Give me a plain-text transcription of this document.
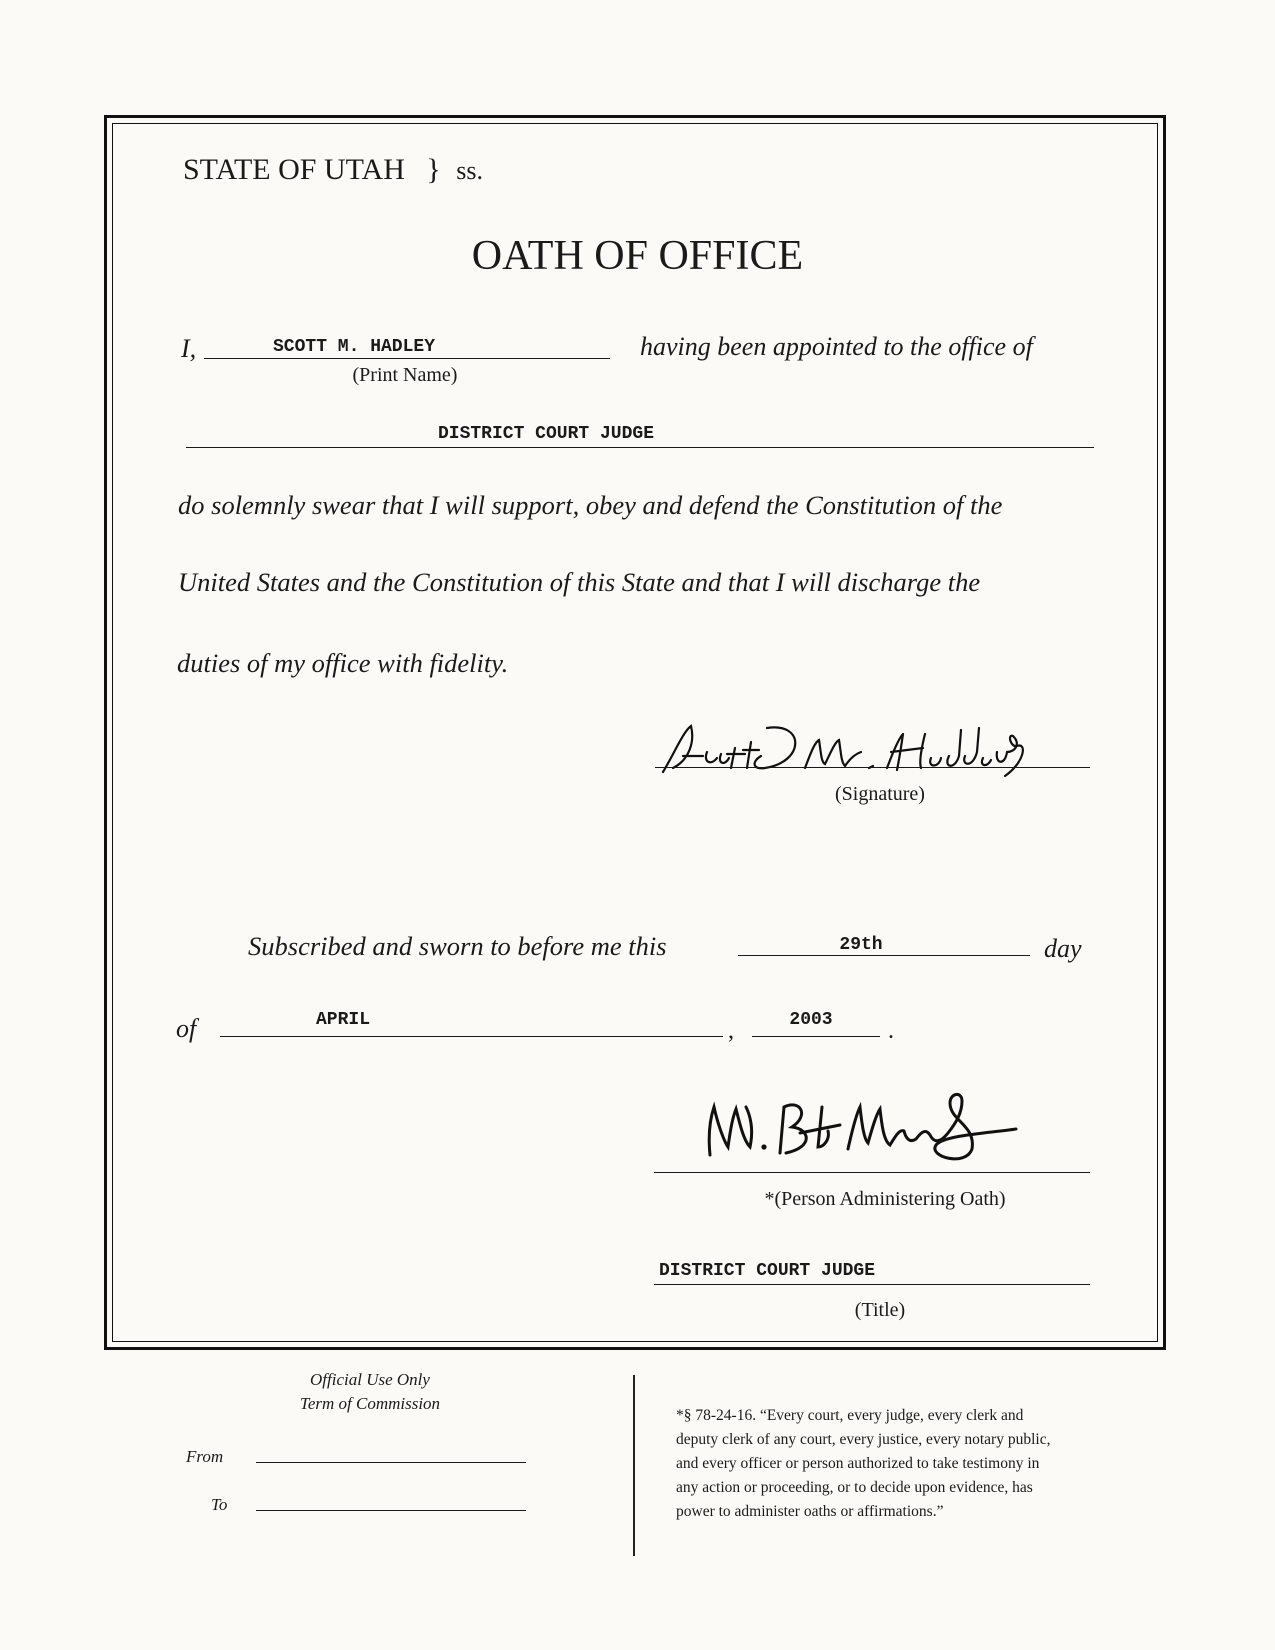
STATE OF UTAH } ss.
OATH OF OFFICE
I,	SCOTT M. HADLEY
(Print Name)
having been appointed to the office of
DISTRICT COURT JUDGE
do solemnly swear that I will support, obey and defend the Constitution of the
United States and the Constitution of this State and that I will discharge the
duties of my office with fidelity.
(Signature)
Subscribed and sworn to before me this	29th	day
of	APRIL	,	2003	.
*(Person Administering Oath)
DISTRICT COURT JUDGE
(Title)
Official Use Only
Term of Commission
From
To
*§ 78-24-16. “Every court, every judge, every clerk and
deputy clerk of any court, every justice, every notary public,
and every officer or person authorized to take testimony in
any action or proceeding, or to decide upon evidence, has
power to administer oaths or affirmations.”
